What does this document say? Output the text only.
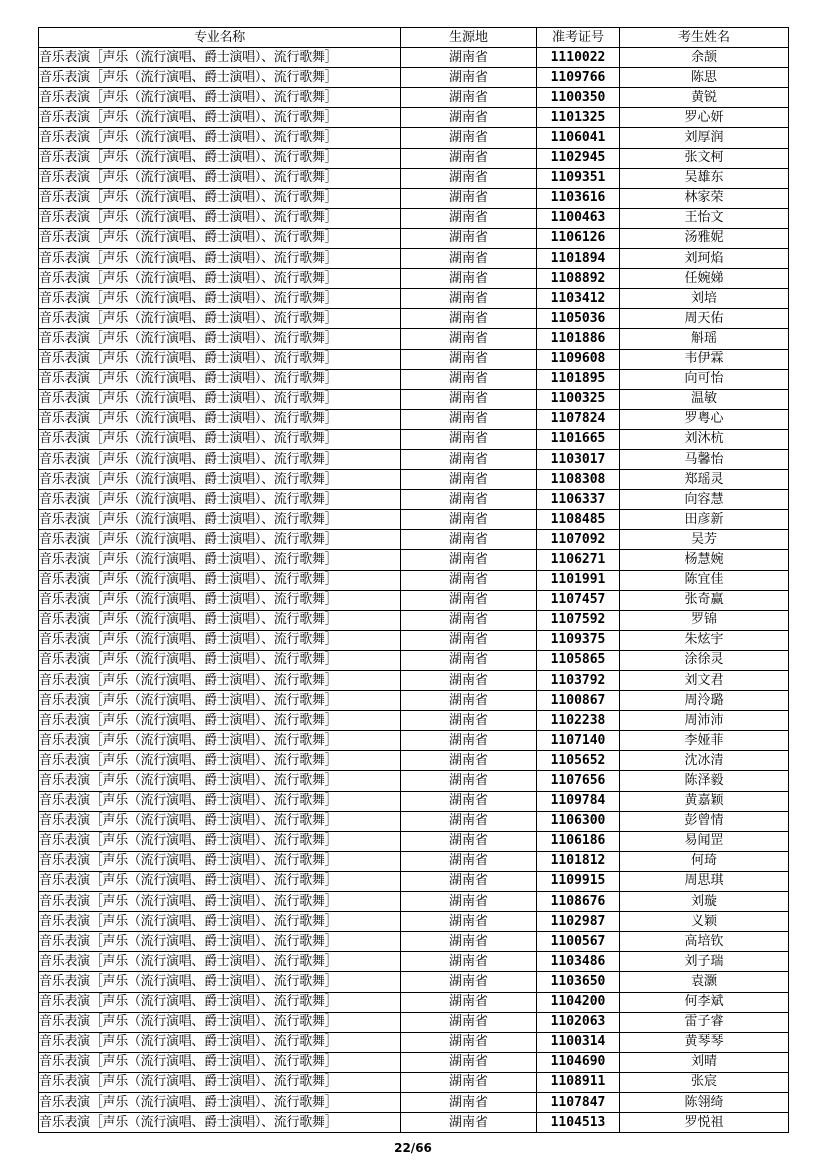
专业名称	生源地	准考证号	考生姓名
音乐表演［声乐（流行演唱、爵士演唱）、流行歌舞］	湖南省	1110022	余颉
音乐表演［声乐（流行演唱、爵士演唱）、流行歌舞］	湖南省	1109766	陈思
音乐表演［声乐（流行演唱、爵士演唱）、流行歌舞］	湖南省	1100350	黄锐
音乐表演［声乐（流行演唱、爵士演唱）、流行歌舞］	湖南省	1101325	罗心妍
音乐表演［声乐（流行演唱、爵士演唱）、流行歌舞］	湖南省	1106041	刘厚润
音乐表演［声乐（流行演唱、爵士演唱）、流行歌舞］	湖南省	1102945	张文柯
音乐表演［声乐（流行演唱、爵士演唱）、流行歌舞］	湖南省	1109351	吴雄东
音乐表演［声乐（流行演唱、爵士演唱）、流行歌舞］	湖南省	1103616	林家荣
音乐表演［声乐（流行演唱、爵士演唱）、流行歌舞］	湖南省	1100463	王怡文
音乐表演［声乐（流行演唱、爵士演唱）、流行歌舞］	湖南省	1106126	汤雅妮
音乐表演［声乐（流行演唱、爵士演唱）、流行歌舞］	湖南省	1101894	刘珂焰
音乐表演［声乐（流行演唱、爵士演唱）、流行歌舞］	湖南省	1108892	任婉娣
音乐表演［声乐（流行演唱、爵士演唱）、流行歌舞］	湖南省	1103412	刘培
音乐表演［声乐（流行演唱、爵士演唱）、流行歌舞］	湖南省	1105036	周天佑
音乐表演［声乐（流行演唱、爵士演唱）、流行歌舞］	湖南省	1101886	斛瑶
音乐表演［声乐（流行演唱、爵士演唱）、流行歌舞］	湖南省	1109608	韦伊霖
音乐表演［声乐（流行演唱、爵士演唱）、流行歌舞］	湖南省	1101895	向可怡
音乐表演［声乐（流行演唱、爵士演唱）、流行歌舞］	湖南省	1100325	温敏
音乐表演［声乐（流行演唱、爵士演唱）、流行歌舞］	湖南省	1107824	罗粤心
音乐表演［声乐（流行演唱、爵士演唱）、流行歌舞］	湖南省	1101665	刘沐杭
音乐表演［声乐（流行演唱、爵士演唱）、流行歌舞］	湖南省	1103017	马馨怡
音乐表演［声乐（流行演唱、爵士演唱）、流行歌舞］	湖南省	1108308	郑瑶灵
音乐表演［声乐（流行演唱、爵士演唱）、流行歌舞］	湖南省	1106337	向容慧
音乐表演［声乐（流行演唱、爵士演唱）、流行歌舞］	湖南省	1108485	田彦新
音乐表演［声乐（流行演唱、爵士演唱）、流行歌舞］	湖南省	1107092	吴芳
音乐表演［声乐（流行演唱、爵士演唱）、流行歌舞］	湖南省	1106271	杨慧婉
音乐表演［声乐（流行演唱、爵士演唱）、流行歌舞］	湖南省	1101991	陈宜佳
音乐表演［声乐（流行演唱、爵士演唱）、流行歌舞］	湖南省	1107457	张奇赢
音乐表演［声乐（流行演唱、爵士演唱）、流行歌舞］	湖南省	1107592	罗锦
音乐表演［声乐（流行演唱、爵士演唱）、流行歌舞］	湖南省	1109375	朱炫宇
音乐表演［声乐（流行演唱、爵士演唱）、流行歌舞］	湖南省	1105865	涂徐灵
音乐表演［声乐（流行演唱、爵士演唱）、流行歌舞］	湖南省	1103792	刘文君
音乐表演［声乐（流行演唱、爵士演唱）、流行歌舞］	湖南省	1100867	周泠璐
音乐表演［声乐（流行演唱、爵士演唱）、流行歌舞］	湖南省	1102238	周沛沛
音乐表演［声乐（流行演唱、爵士演唱）、流行歌舞］	湖南省	1107140	李娅菲
音乐表演［声乐（流行演唱、爵士演唱）、流行歌舞］	湖南省	1105652	沈冰清
音乐表演［声乐（流行演唱、爵士演唱）、流行歌舞］	湖南省	1107656	陈泽毅
音乐表演［声乐（流行演唱、爵士演唱）、流行歌舞］	湖南省	1109784	黄嘉颖
音乐表演［声乐（流行演唱、爵士演唱）、流行歌舞］	湖南省	1106300	彭曾情
音乐表演［声乐（流行演唱、爵士演唱）、流行歌舞］	湖南省	1106186	易闻罡
音乐表演［声乐（流行演唱、爵士演唱）、流行歌舞］	湖南省	1101812	何琦
音乐表演［声乐（流行演唱、爵士演唱）、流行歌舞］	湖南省	1109915	周思琪
音乐表演［声乐（流行演唱、爵士演唱）、流行歌舞］	湖南省	1108676	刘璇
音乐表演［声乐（流行演唱、爵士演唱）、流行歌舞］	湖南省	1102987	义颖
音乐表演［声乐（流行演唱、爵士演唱）、流行歌舞］	湖南省	1100567	高培钦
音乐表演［声乐（流行演唱、爵士演唱）、流行歌舞］	湖南省	1103486	刘子瑞
音乐表演［声乐（流行演唱、爵士演唱）、流行歌舞］	湖南省	1103650	袁灏
音乐表演［声乐（流行演唱、爵士演唱）、流行歌舞］	湖南省	1104200	何李斌
音乐表演［声乐（流行演唱、爵士演唱）、流行歌舞］	湖南省	1102063	雷子睿
音乐表演［声乐（流行演唱、爵士演唱）、流行歌舞］	湖南省	1100314	黄琴琴
音乐表演［声乐（流行演唱、爵士演唱）、流行歌舞］	湖南省	1104690	刘晴
音乐表演［声乐（流行演唱、爵士演唱）、流行歌舞］	湖南省	1108911	张宸
音乐表演［声乐（流行演唱、爵士演唱）、流行歌舞］	湖南省	1107847	陈翎绮
音乐表演［声乐（流行演唱、爵士演唱）、流行歌舞］	湖南省	1104513	罗悦祖
22/66
